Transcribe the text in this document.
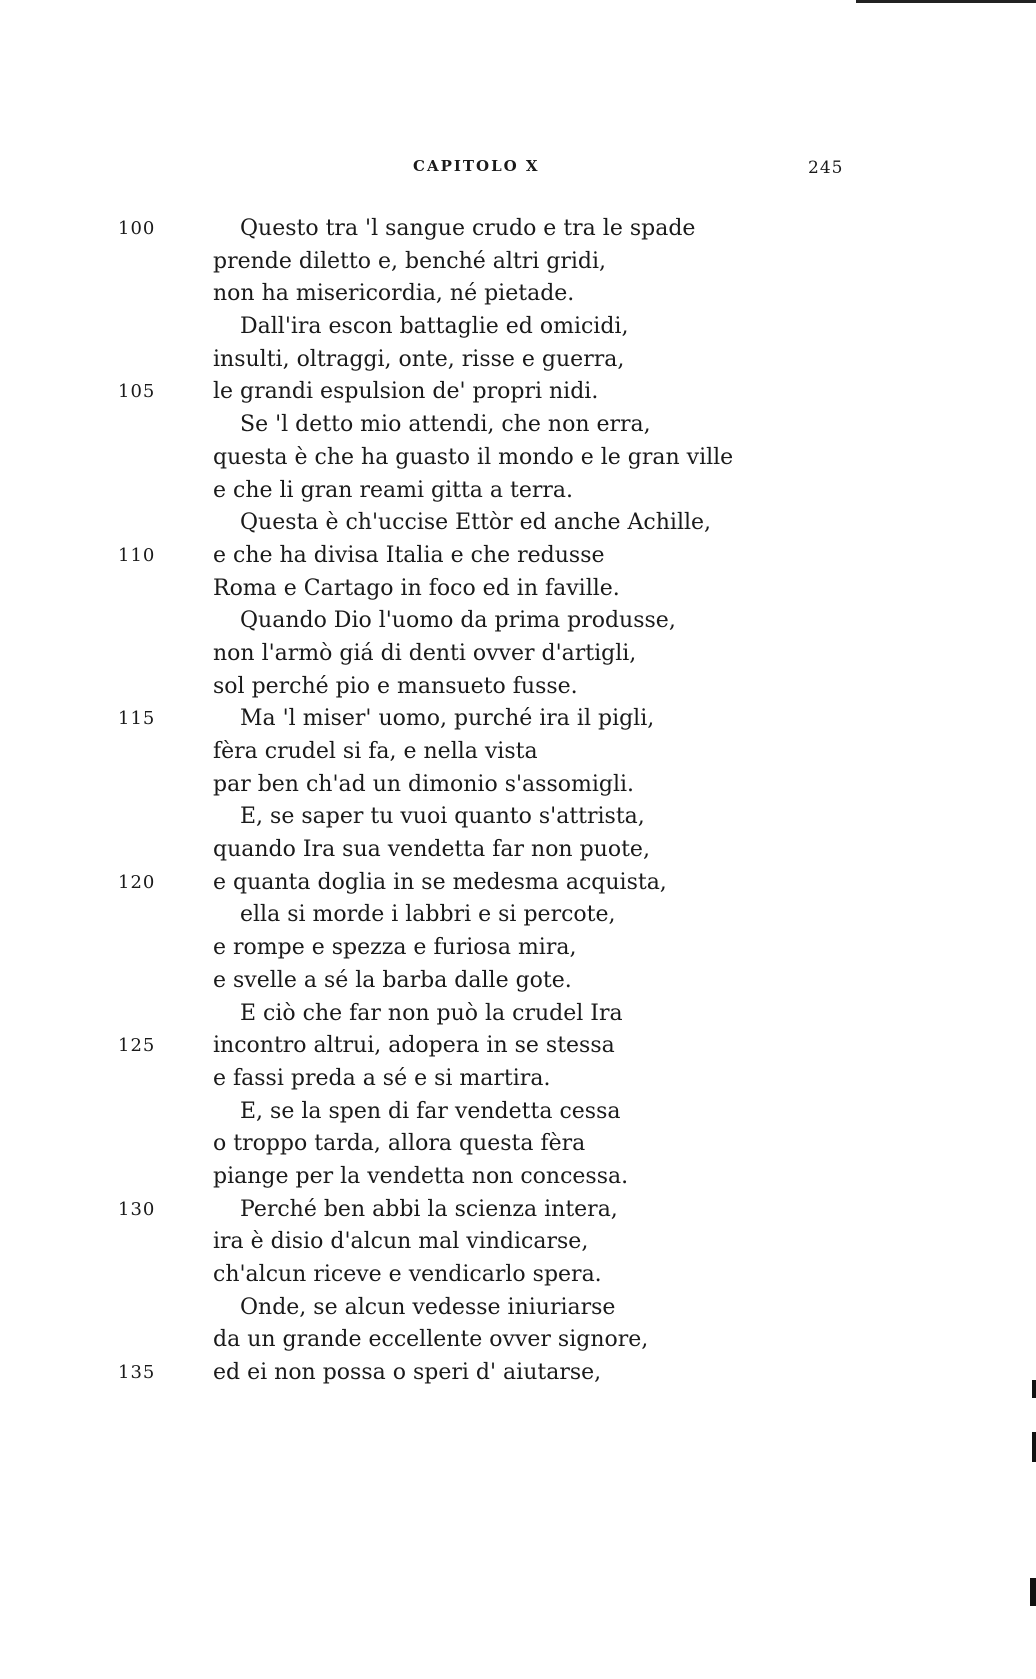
CAPITOLO X	245
100	Questo tra 'l sangue crudo e tra le spade
prende diletto e, benché altri gridi,
non ha misericordia, né pietade.
Dall'ira escon battaglie ed omicidi,
insulti, oltraggi, onte, risse e guerra,
105	le grandi espulsion de' propri nidi.
Se 'l detto mio attendi, che non erra,
questa è che ha guasto il mondo e le gran ville
e che li gran reami gitta a terra.
Questa è ch'uccise Ettòr ed anche Achille,
110	e che ha divisa Italia e che redusse
Roma e Cartago in foco ed in faville.
Quando Dio l'uomo da prima produsse,
non l'armò giá di denti ovver d'artigli,
sol perché pio e mansueto fusse.
115	Ma 'l miser' uomo, purché ira il pigli,
fèra crudel si fa, e nella vista
par ben ch'ad un dimonio s'assomigli.
E, se saper tu vuoi quanto s'attrista,
quando Ira sua vendetta far non puote,
120	e quanta doglia in se medesma acquista,
ella si morde i labbri e si percote,
e rompe e spezza e furiosa mira,
e svelle a sé la barba dalle gote.
E ciò che far non può la crudel Ira
125	incontro altrui, adopera in se stessa
e fassi preda a sé e si martira.
E, se la spen di far vendetta cessa
o troppo tarda, allora questa fèra
piange per la vendetta non concessa.
130	Perché ben abbi la scienza intera,
ira è disio d'alcun mal vindicarse,
ch'alcun riceve e vendicarlo spera.
Onde, se alcun vedesse iniuriarse
da un grande eccellente ovver signore,
135	ed ei non possa o speri d' aiutarse,
